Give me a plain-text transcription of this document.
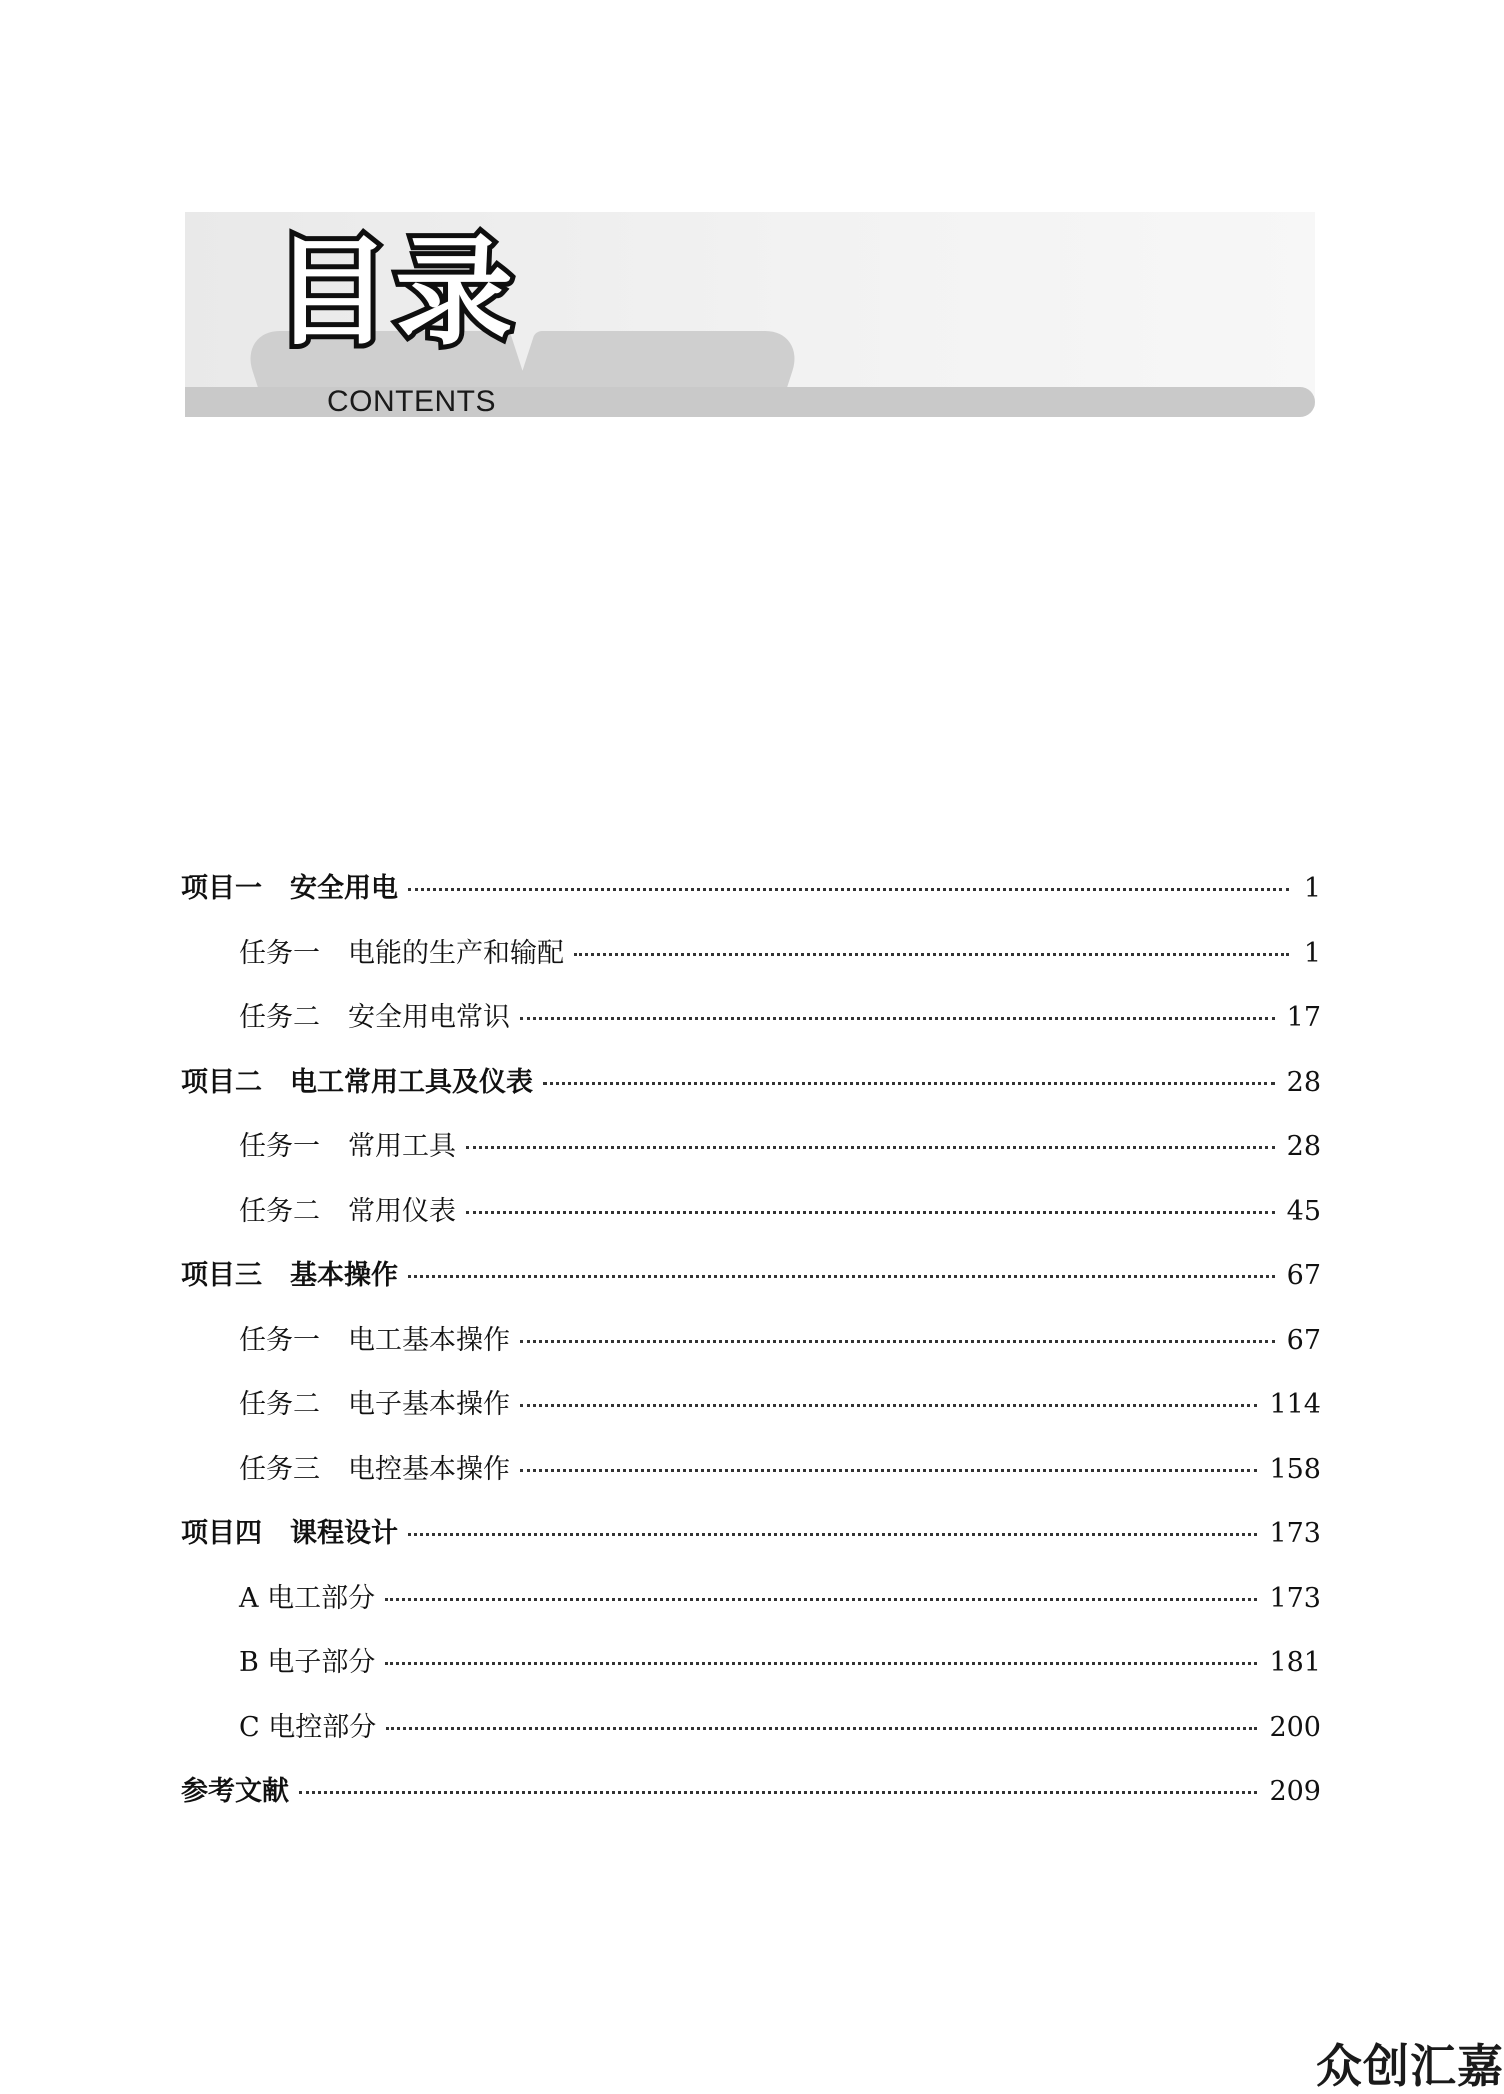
目录
CONTENTS
项目一 安全用电	1
任务一 电能的生产和输配	1
任务二 安全用电常识	17
项目二 电工常用工具及仪表	28
任务一 常用工具	28
任务二 常用仪表	45
项目三 基本操作	67
任务一 电工基本操作	67
任务二 电子基本操作	114
任务三 电控基本操作	158
项目四 课程设计	173
A 电工部分	173
B 电子部分	181
C 电控部分	200
参考文献	209
众创汇嘉
